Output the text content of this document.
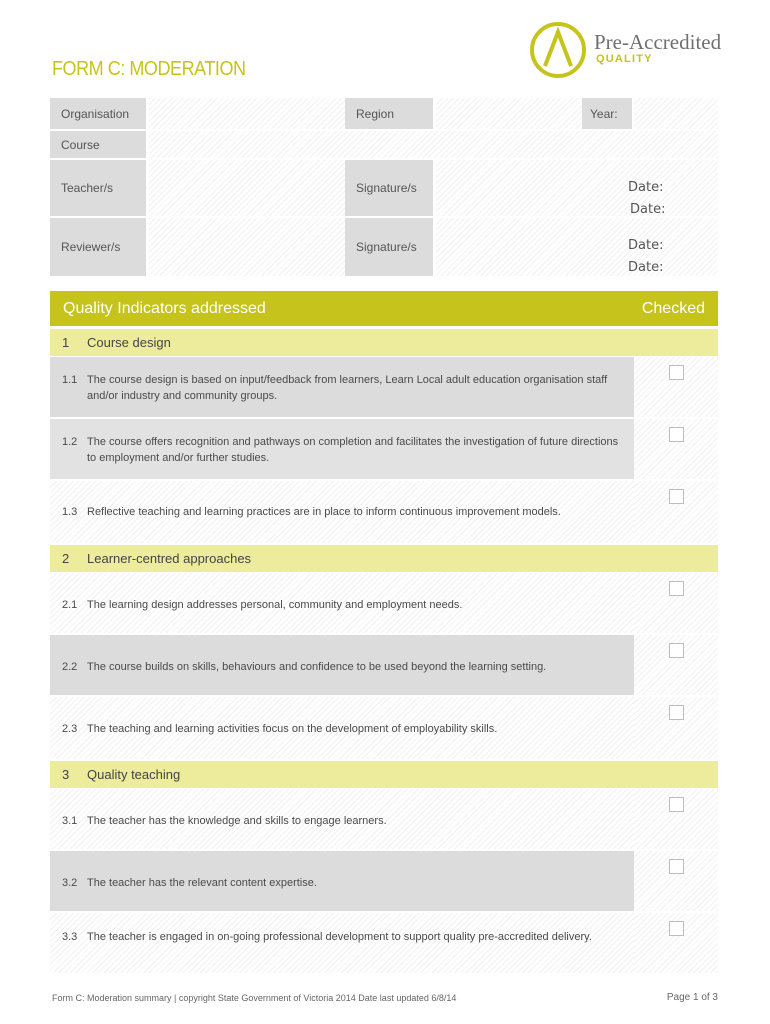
Pre-Accredited
QUALITY
FORM C: MODERATION
Organisation	Region	Year:
Course
Teacher/s	Signature/s	Date:
Date:
Reviewer/s	Signature/s	Date:
Date:
Quality Indicators addressed	Checked
1 Course design
1.1 The course design is based on input/feedback from learners, Learn Local adult education organisation staff and/or industry and community groups.
1.2 The course offers recognition and pathways on completion and facilitates the investigation of future directions to employment and/or further studies.
1.3 Reflective teaching and learning practices are in place to inform continuous improvement models.
2 Learner-centred approaches
2.1 The learning design addresses personal, community and employment needs.
2.2 The course builds on skills, behaviours and confidence to be used beyond the learning setting.
2.3 The teaching and learning activities focus on the development of employability skills.
3 Quality teaching
3.1 The teacher has the knowledge and skills to engage learners.
3.2 The teacher has the relevant content expertise.
3.3 The teacher is engaged in on-going professional development to support quality pre-accredited delivery.
Form C: Moderation summary | copyright State Government of Victoria 2014 Date last updated 6/8/14	Page 1 of 3
